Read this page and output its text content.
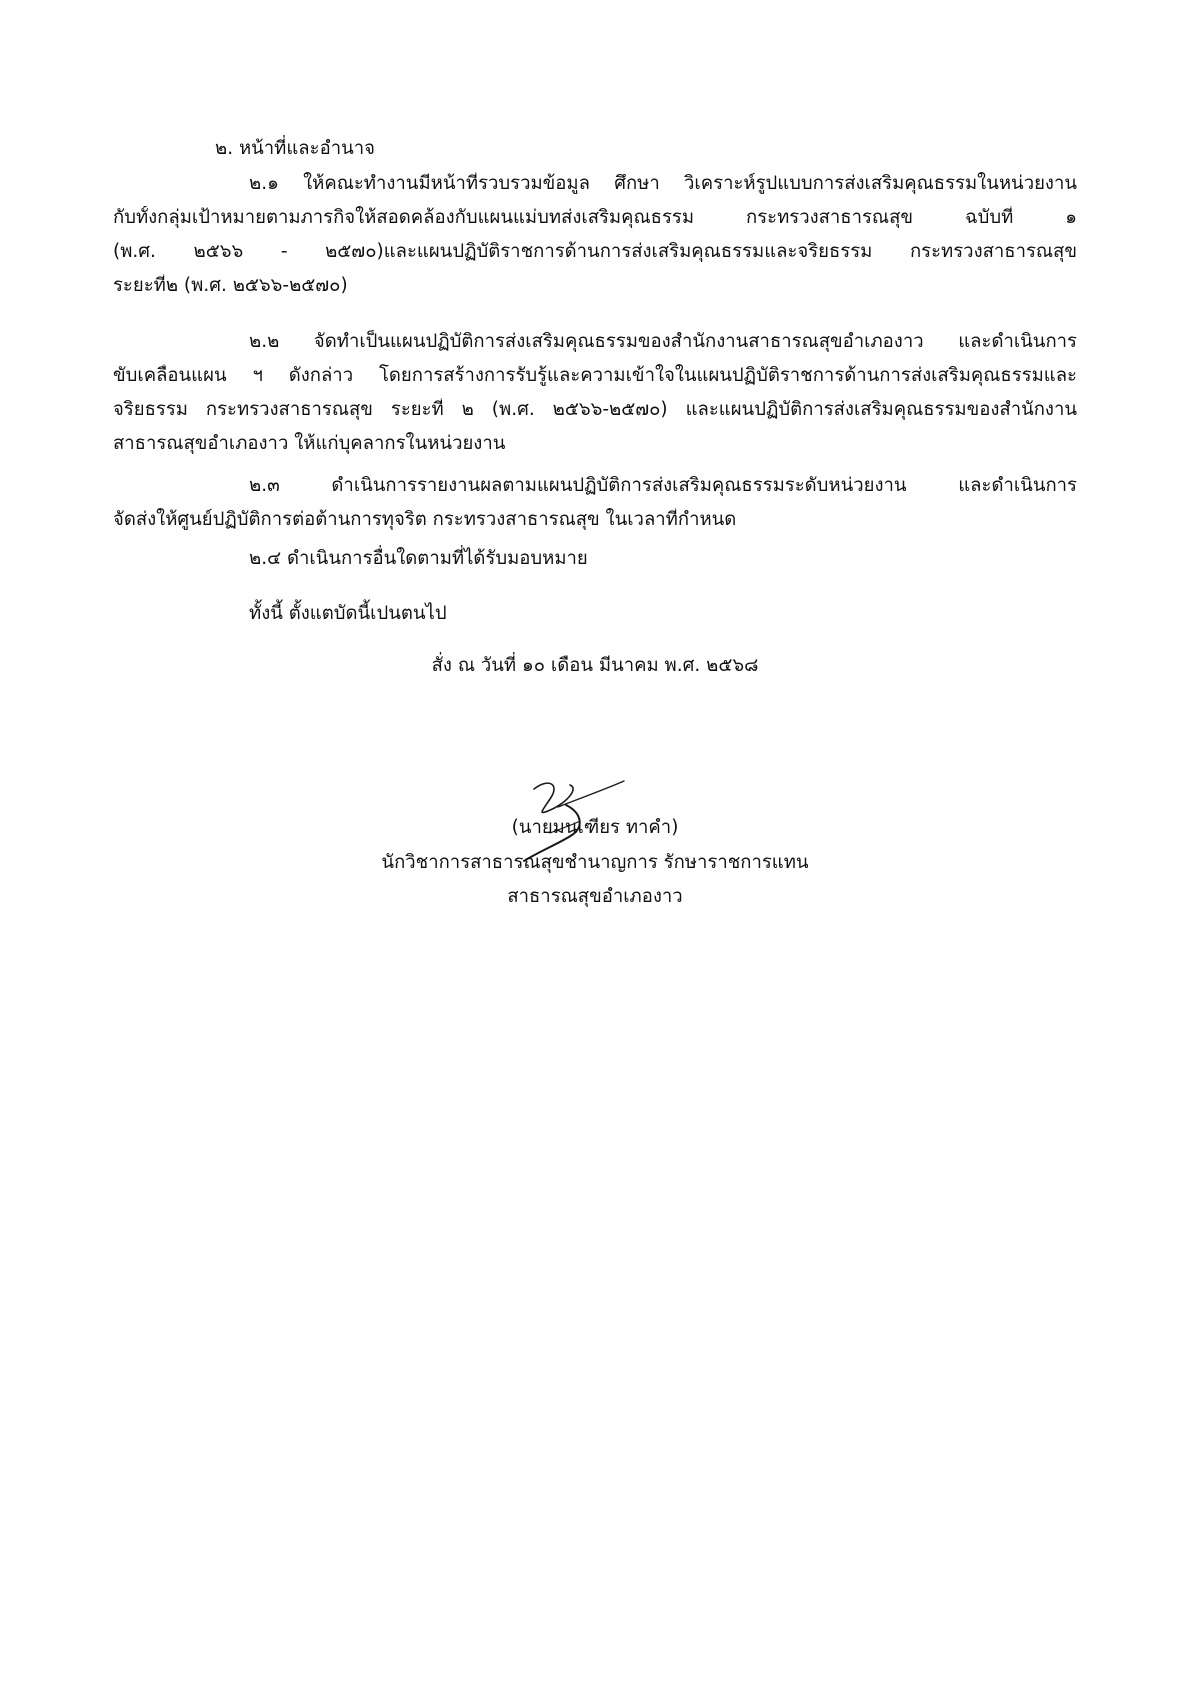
๒. หน้าที่และอำนาจ
๒.๑ ให้คณะทำงานมีหน้าที่รวบรวมข้อมูล ศึกษา วิเคราะห์รูปแบบการส่งเสริมคุณธรรมในหน่วยงาน
กับทั้งกลุ่มเป้าหมายตามภารกิจให้สอดคล้องกับแผนแม่บทส่งเสริมคุณธรรม กระทรวงสาธารณสุข ฉบับที่ ๑
(พ.ศ. ๒๕๖๖ - ๒๕๗๐)และแผนปฏิบัติราชการด้านการส่งเสริมคุณธรรมและจริยธรรม กระทรวงสาธารณสุข
ระยะที่๒ (พ.ศ. ๒๕๖๖-๒๕๗๐)
๒.๒ จัดทำเป็นแผนปฏิบัติการส่งเสริมคุณธรรมของสำนักงานสาธารณสุขอำเภองาว และดำเนินการ
ขับเคลื่อนแผน ฯ ดังกล่าว โดยการสร้างการรับรู้และความเข้าใจในแผนปฏิบัติราชการด้านการส่งเสริมคุณธรรมและ
จริยธรรม กระทรวงสาธารณสุข ระยะที่ ๒ (พ.ศ. ๒๕๖๖-๒๕๗๐) และแผนปฏิบัติการส่งเสริมคุณธรรมของสำนักงาน
สาธารณสุขอำเภองาว ให้แก่บุคลากรในหน่วยงาน
๒.๓ ดำเนินการรายงานผลตามแผนปฏิบัติการส่งเสริมคุณธรรมระดับหน่วยงาน และดำเนินการ
จัดส่งให้ศูนย์ปฏิบัติการต่อต้านการทุจริต กระทรวงสาธารณสุข ในเวลาที่กำหนด
๒.๔ ดำเนินการอื่นใดตามที่ได้รับมอบหมาย
ทั้งนี้ ตั้งแตบัดนี้เปนตนไป
สั่ง ณ วันที่ ๑๐ เดือน มีนาคม พ.ศ. ๒๕๖๘
(นายมนเฑียร ทาคำ)
นักวิชาการสาธารณสุขชำนาญการ รักษาราชการแทน
สาธารณสุขอำเภองาว
